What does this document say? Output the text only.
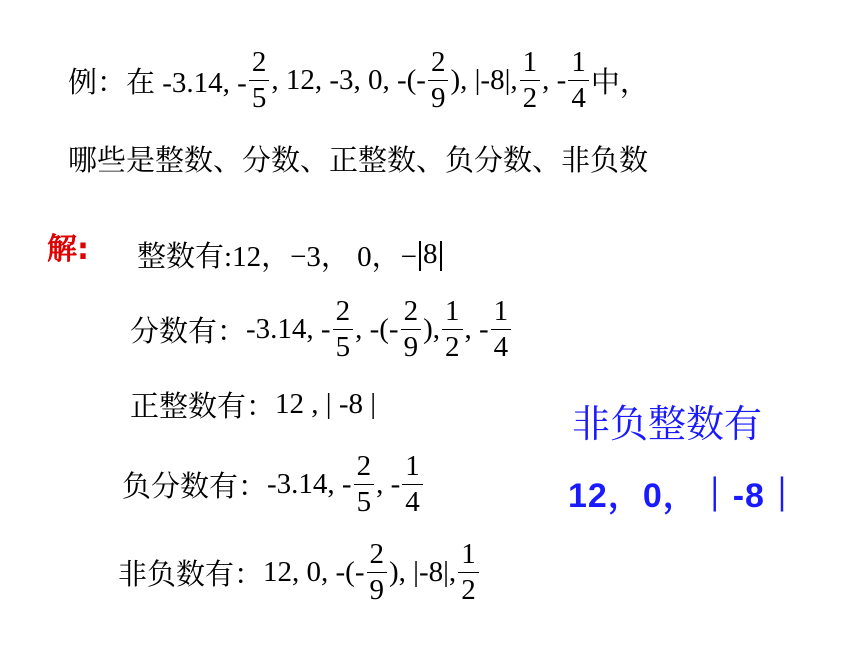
例：在 -3.14, - $\frac{2}{5}$ , 12, -3, 0, -(- $\frac{2}{9}$ ), |-8|, $\frac{1}{2}$ , - $\frac{1}{4}$ 中，
哪些是整数、分数、正整数、负分数、非负数
解: 整数有: 12，−3， 0，− 8
分数有： -3.14, - $\frac{2}{5}$ , -(- $\frac{2}{9}$ ), $\frac{1}{2}$ , - $\frac{1}{4}$
正整数有： 12 , | -8 |	非负整数有
12，0，｜-8｜
负分数有： -3.14, - $\frac{2}{5}$ , - $\frac{1}{4}$
非负数有： 12, 0, -(- $\frac{2}{9}$ ), |-8|, $\frac{1}{2}$
